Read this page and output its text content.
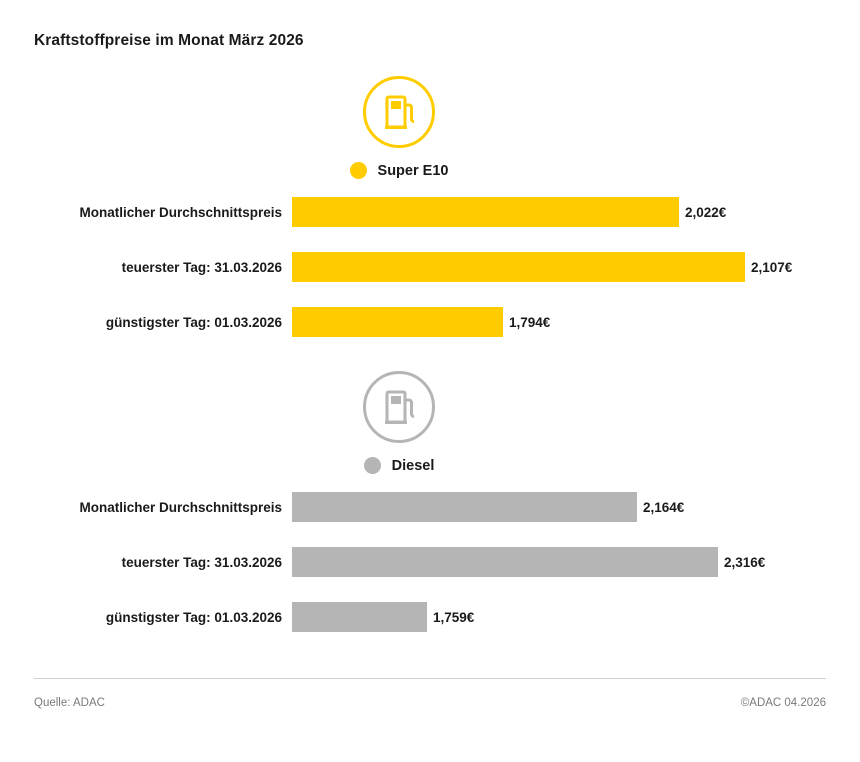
Kraftstoffpreise im Monat März 2026
Super E10
Monatlicher Durchschnittspreis	2,022€
teuerster Tag: 31.03.2026	2,107€
günstigster Tag: 01.03.2026	1,794€
Diesel
Monatlicher Durchschnittspreis	2,164€
teuerster Tag: 31.03.2026	2,316€
günstigster Tag: 01.03.2026	1,759€
Quelle: ADAC	©ADAC 04.2026
